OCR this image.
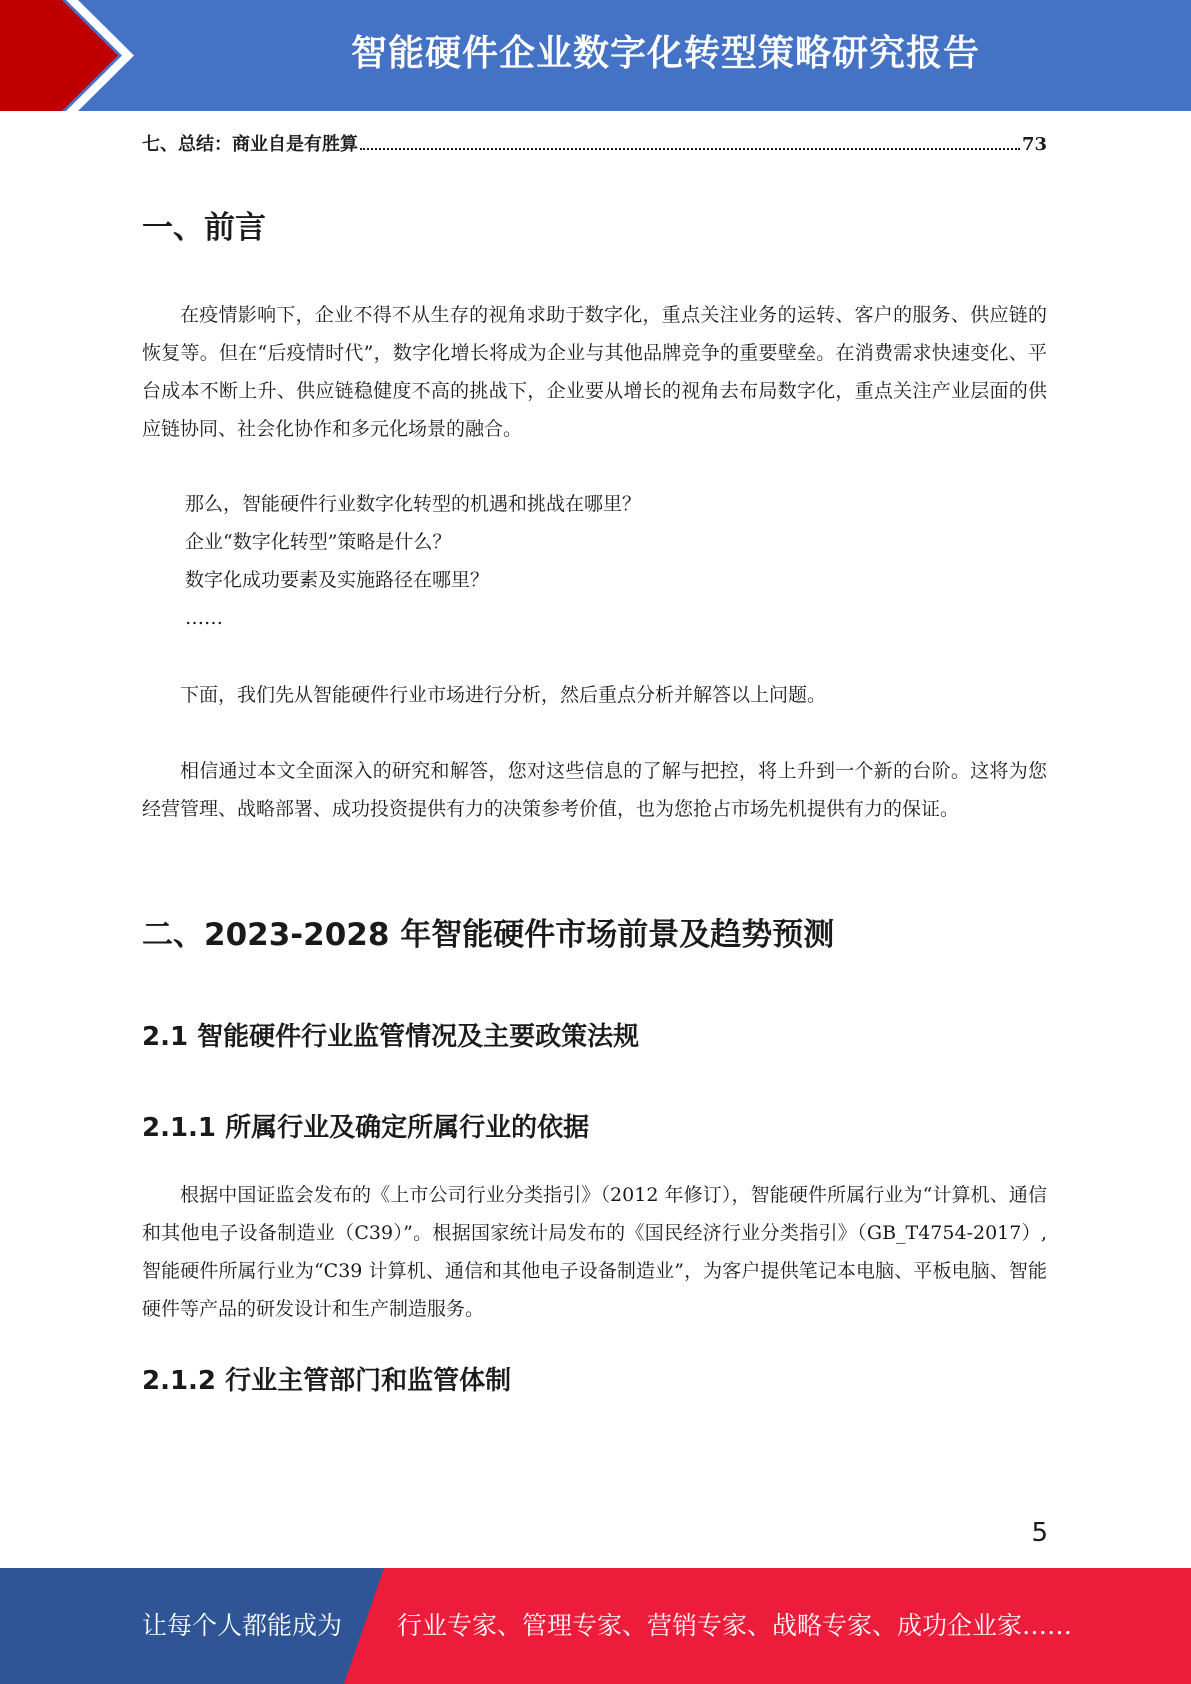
智能硬件企业数字化转型策略研究报告
七、总结：商业自是有胜算	73
一、前言

在疫情影响下，企业不得不从生存的视角求助于数字化，重点关注业务的运转、客户的服务、供应链的恢复等。但在“后疫情时代”，数字化增长将成为企业与其他品牌竞争的重要壁垒。在消费需求快速变化、平台成本不断上升、供应链稳健度不高的挑战下，企业要从增长的视角去布局数字化，重点关注产业层面的供应链协同、社会化协作和多元化场景的融合。

那么，智能硬件行业数字化转型的机遇和挑战在哪里？

企业“数字化转型”策略是什么？

数字化成功要素及实施路径在哪里？

……

下面，我们先从智能硬件行业市场进行分析，然后重点分析并解答以上问题。

相信通过本文全面深入的研究和解答，您对这些信息的了解与把控，将上升到一个新的台阶。这将为您经营管理、战略部署、成功投资提供有力的决策参考价值，也为您抢占市场先机提供有力的保证。

二、2023-2028 年智能硬件市场前景及趋势预测
2.1 智能硬件行业监管情况及主要政策法规
2.1.1 所属行业及确定所属行业的依据

根据中国证监会发布的《上市公司行业分类指引》（2012 年修订），智能硬件所属行业为“计算机、通信和其他电子设备制造业（C39）”。根据国家统计局发布的《国民经济行业分类指引》（GB_T4754-2017）,智能硬件所属行业为“C39 计算机、通信和其他电子设备制造业”，为客户提供笔记本电脑、平板电脑、智能硬件等产品的研发设计和生产制造服务。

2.1.2 行业主管部门和监管体制
5
让每个人都能成为 行业专家、管理专家、营销专家、战略专家、成功企业家……
